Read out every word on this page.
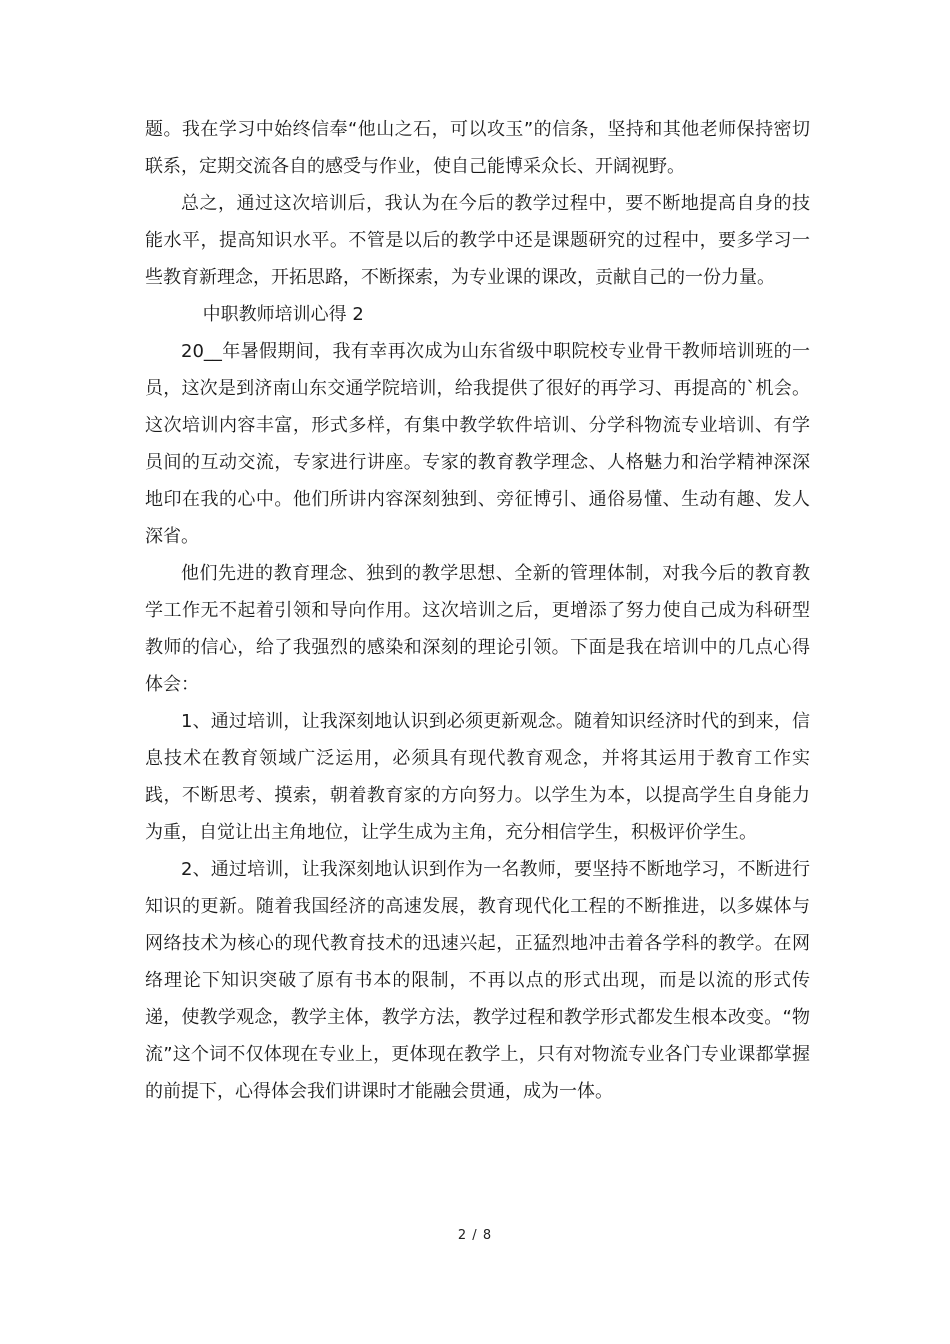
题。我在学习中始终信奉“他山之石，可以攻玉”的信条，坚持和其他老师保持密切联系，定期交流各自的感受与作业，使自己能博采众长、开阔视野。

总之，通过这次培训后，我认为在今后的教学过程中，要不断地提高自身的技能水平，提高知识水平。不管是以后的教学中还是课题研究的过程中，要多学习一些教育新理念，开拓思路，不断探索，为专业课的课改，贡献自己的一份力量。

中职教师培训心得 2

20__年暑假期间，我有幸再次成为山东省级中职院校专业骨干教师培训班的一员，这次是到济南山东交通学院培训，给我提供了很好的再学习、再提高的`机会。这次培训内容丰富，形式多样，有集中教学软件培训、分学科物流专业培训、有学员间的互动交流，专家进行讲座。专家的教育教学理念、人格魅力和治学精神深深地印在我的心中。他们所讲内容深刻独到、旁征博引、通俗易懂、生动有趣、发人深省。

他们先进的教育理念、独到的教学思想、全新的管理体制，对我今后的教育教学工作无不起着引领和导向作用。这次培训之后，更增添了努力使自己成为科研型教师的信心，给了我强烈的感染和深刻的理论引领。下面是我在培训中的几点心得体会：

1、通过培训，让我深刻地认识到必须更新观念。随着知识经济时代的到来，信息技术在教育领域广泛运用，必须具有现代教育观念，并将其运用于教育工作实践，不断思考、摸索，朝着教育家的方向努力。以学生为本，以提高学生自身能力为重，自觉让出主角地位，让学生成为主角，充分相信学生，积极评价学生。

2、通过培训，让我深刻地认识到作为一名教师，要坚持不断地学习，不断进行知识的更新。随着我国经济的高速发展，教育现代化工程的不断推进，以多媒体与网络技术为核心的现代教育技术的迅速兴起，正猛烈地冲击着各学科的教学。在网络理论下知识突破了原有书本的限制，不再以点的形式出现，而是以流的形式传递，使教学观念，教学主体，教学方法，教学过程和教学形式都发生根本改变。“物流”这个词不仅体现在专业上，更体现在教学上，只有对物流专业各门专业课都掌握的前提下，心得体会我们讲课时才能融会贯通，成为一体。

2 / 8
